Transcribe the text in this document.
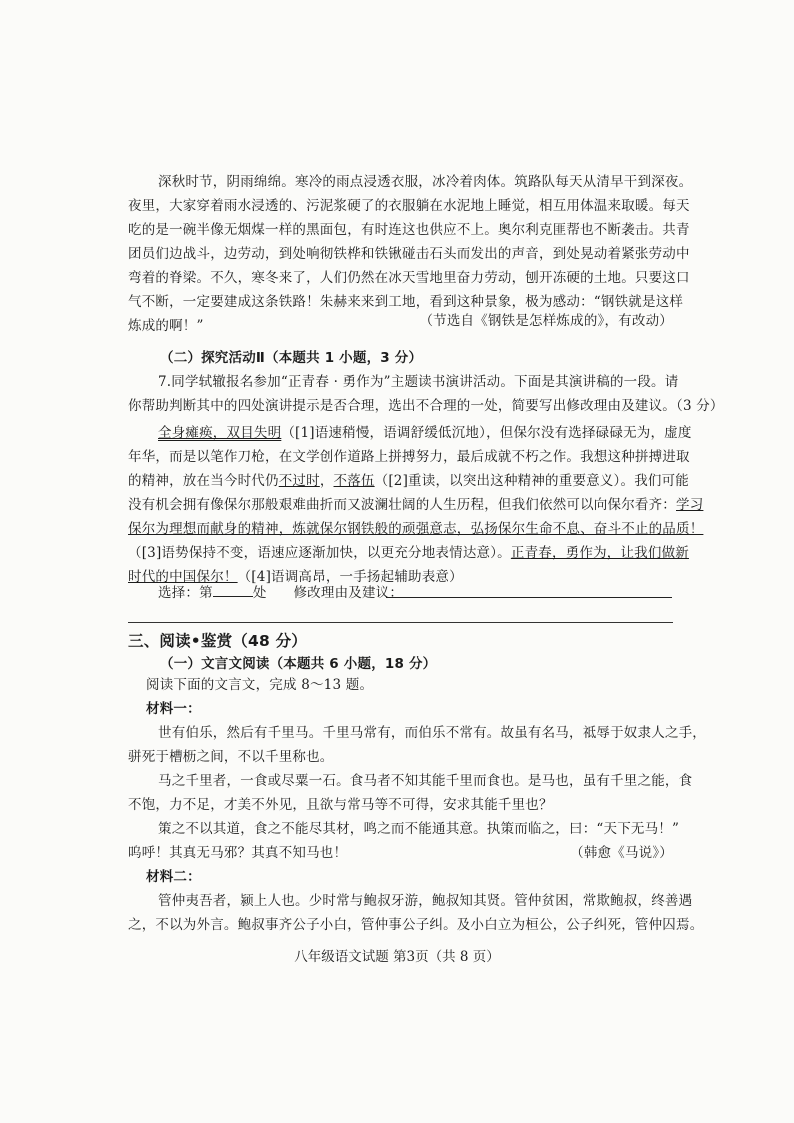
深秋时节，阴雨绵绵。寒冷的雨点浸透衣服，冰冷着肉体。筑路队每天从清早干到深夜。
夜里，大家穿着雨水浸透的、污泥浆硬了的衣服躺在水泥地上睡觉，相互用体温来取暖。每天
吃的是一碗半像无烟煤一样的黑面包，有时连这也供应不上。奥尔利克匪帮也不断袭击。共青
团员们边战斗，边劳动，到处响彻铁桦和铁锹碰击石头而发出的声音，到处晃动着紧张劳动中
弯着的脊梁。不久，寒冬来了，人们仍然在冰天雪地里奋力劳动，刨开冻硬的土地。只要这口
气不断，一定要建成这条铁路！朱赫来来到工地，看到这种景象，极为感动：“钢铁就是这样
炼成的啊！”	（节选自《钢铁是怎样炼成的》，有改动）
（二）探究活动Ⅱ（本题共 1 小题，3 分）
7.同学轼辙报名参加“正青春 · 勇作为”主题读书演讲活动。下面是其演讲稿的一段。请
你帮助判断其中的四处演讲提示是否合理，选出不合理的一处，简要写出修改理由及建议。（3 分）
全身瘫痪，双目失明（[1]语速稍慢，语调舒缓低沉地），但保尔没有选择碌碌无为，虚度
年华，而是以笔作刀枪，在文学创作道路上拼搏努力，最后成就不朽之作。我想这种拼搏进取
的精神，放在当今时代仍不过时，不落伍（[2]重读，以突出这种精神的重要意义）。我们可能
没有机会拥有像保尔那般艰难曲折而又波澜壮阔的人生历程，但我们依然可以向保尔看齐：学习
保尔为理想而献身的精神，炼就保尔钢铁般的顽强意志，弘扬保尔生命不息、奋斗不止的品质！
（[3]语势保持不变，语速应逐渐加快，以更充分地表情达意）。正青春，勇作为，让我们做新
时代的中国保尔！（[4]语调高昂，一手扬起辅助表意）
选择：第	处 修改理由及建议：
三、阅读•鉴赏（48 分）
（一）文言文阅读（本题共 6 小题，18 分）
阅读下面的文言文，完成 8～13 题。
材料一：
世有伯乐，然后有千里马。千里马常有，而伯乐不常有。故虽有名马，祗辱于奴隶人之手，
骈死于槽枥之间，不以千里称也。
马之千里者，一食或尽粟一石。食马者不知其能千里而食也。是马也，虽有千里之能，食
不饱，力不足，才美不外见，且欲与常马等不可得，安求其能千里也？
策之不以其道，食之不能尽其材，鸣之而不能通其意。执策而临之，曰：“天下无马！”
呜呼！其真无马邪？其真不知马也！	（韩愈《马说》）
材料二：
管仲夷吾者，颍上人也。少时常与鲍叔牙游，鲍叔知其贤。管仲贫困，常欺鲍叔，终善遇
之，不以为外言。鲍叔事齐公子小白，管仲事公子纠。及小白立为桓公，公子纠死，管仲囚焉。
八年级语文试题 第3页（共 8 页）
